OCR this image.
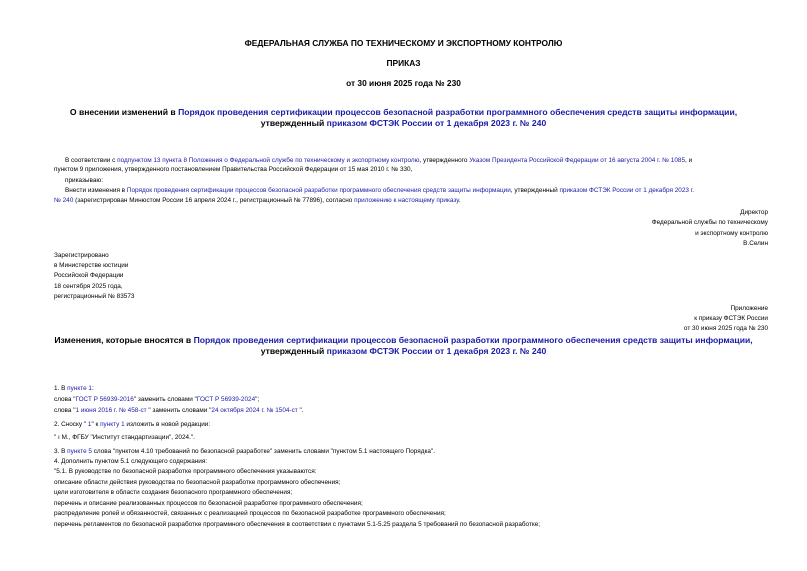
ФЕДЕРАЛЬНАЯ СЛУЖБА ПО ТЕХНИЧЕСКОМУ И ЭКСПОРТНОМУ КОНТРОЛЮ
ПРИКАЗ
от 30 июня 2025 года № 230
О внесении изменений в Порядок проведения сертификации процессов безопасной разработки программного обеспечения средств защиты информации,
утвержденный приказом ФСТЭК России от 1 декабря 2023 г. № 240
В соответствии с подпунктом 13 пункта 8 Положения о Федеральной службе по техническому и экспортному контролю, утвержденного Указом Президента Российской Федерации от 16 августа 2004 г. № 1085, и
пунктом 9 приложения, утвержденного постановлением Правительства Российской Федерации от 15 мая 2010 г. № 330,
приказываю:
Внести изменения в Порядок проведения сертификации процессов безопасной разработки программного обеспечения средств защиты информации, утвержденный приказом ФСТЭК России от 1 декабря 2023 г.
№ 240 (зарегистрирован Минюстом России 16 апреля 2024 г., регистрационный № 77896), согласно приложению к настоящему приказу.
Директор
Федеральной службы по техническому
и экспортному контролю
В.Селин
Зарегистрировано
в Министерстве юстиции
Российской Федерации
18 сентября 2025 года,
регистрационный № 83573
Приложение
к приказу ФСТЭК России
от 30 июня 2025 года № 230
Изменения, которые вносятся в Порядок проведения сертификации процессов безопасной разработки программного обеспечения средств защиты информации,
утвержденный приказом ФСТЭК России от 1 декабря 2023 г. № 240
1. В пункте 1:
слова "ГОСТ Р 56939-2016" заменить словами "ГОСТ Р 56939-2024";
слова "1 июня 2016 г. № 458-ст " заменить словами "24 октября 2024 г. № 1504-ст ".
2. Сноску " 1" к пункту 1 изложить в новой редакции:
" ı М., ФГБУ "Институт стандартизации", 2024.".
3. В пункте 5 слова "пунктом 4.10 требований по безопасной разработке" заменить словами "пунктом 5.1 настоящего Порядка".
4. Дополнить пунктом 5.1 следующего содержания:
"5.1. В руководстве по безопасной разработке программного обеспечения указываются:
описание области действия руководства по безопасной разработке программного обеспечения;
цели изготовителя в области создания безопасного программного обеспечения;
перечень и описание реализованных процессов по безопасной разработке программного обеспечения;
распределение ролей и обязанностей, связанных с реализацией процессов по безопасной разработке программного обеспечения;
перечень регламентов по безопасной разработке программного обеспечения в соответствии с пунктами 5.1-5.25 раздела 5 требований по безопасной разработке;
